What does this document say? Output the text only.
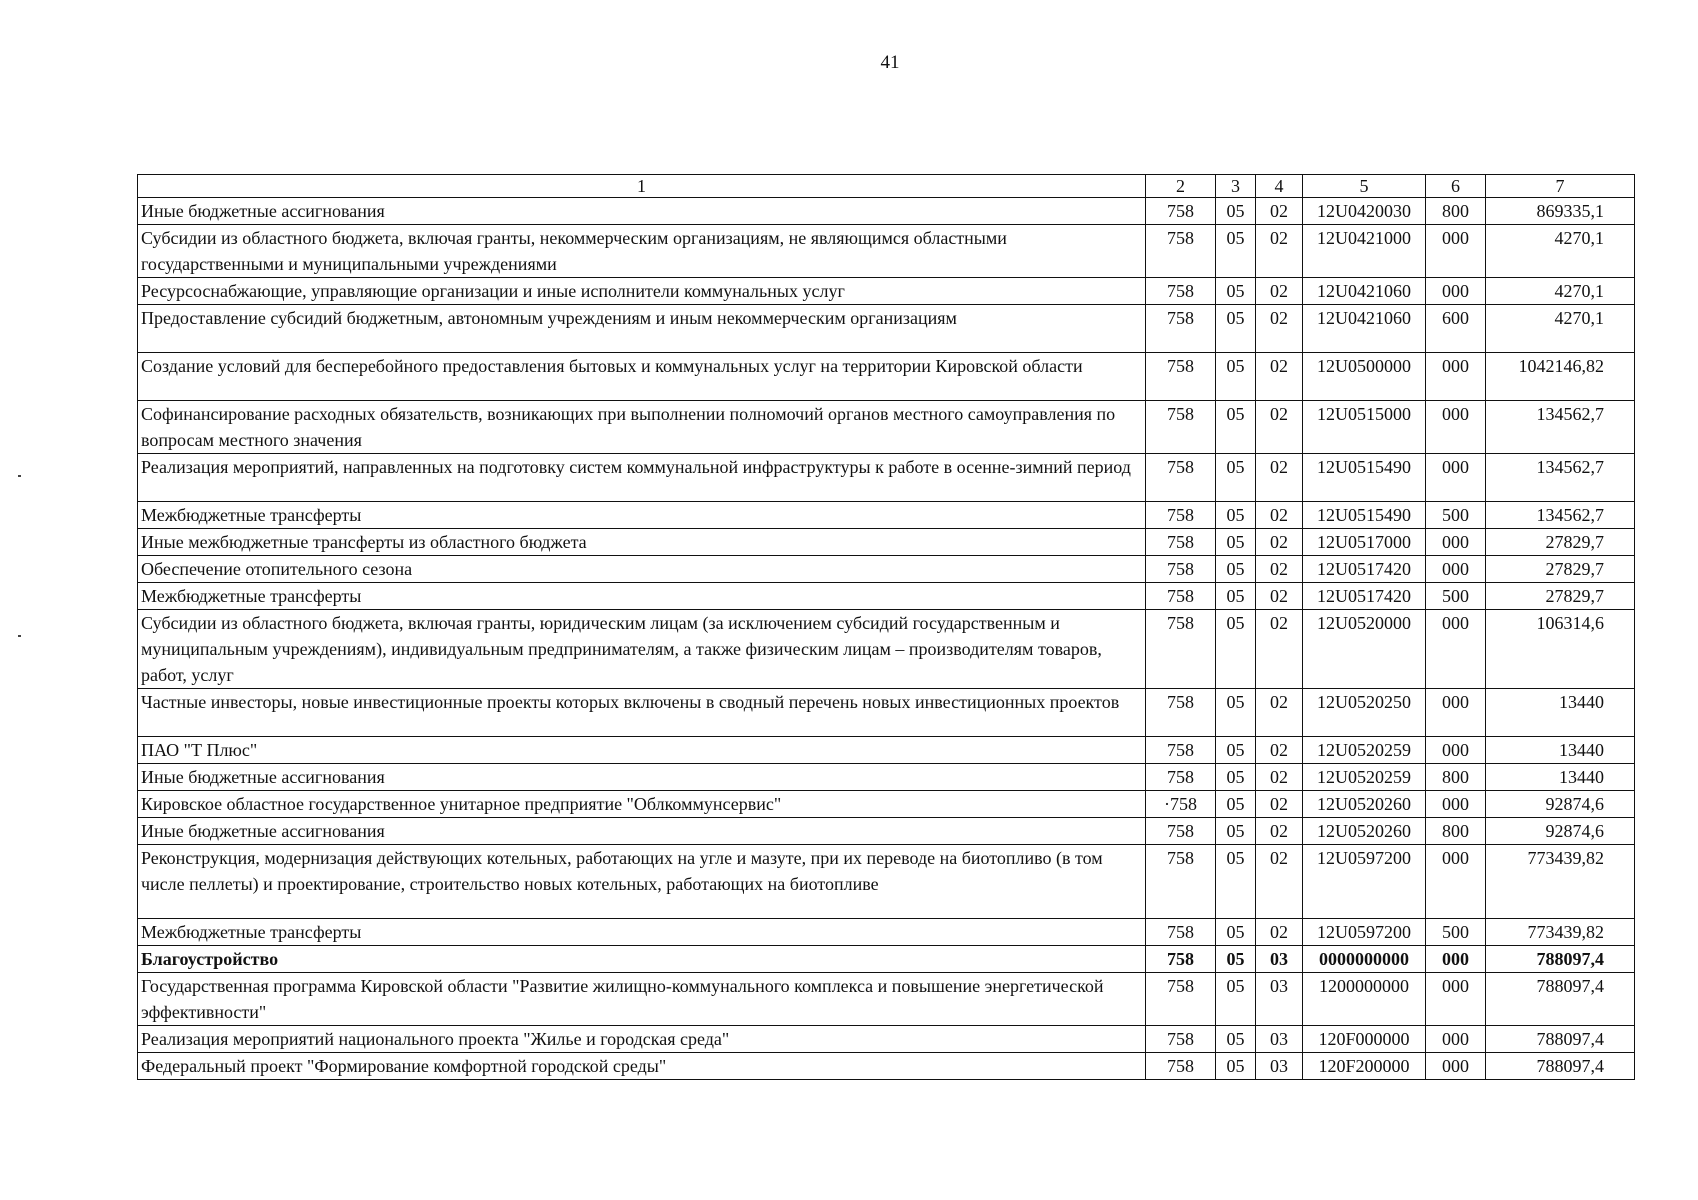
41
1	2	3	4	5	6	7
Иные бюджетные ассигнования	758	05	02	12U0420030	800	869335,1
Субсидии из областного бюджета, включая гранты, некоммерческим организациям, не являющимся областными государственными и муниципальными учреждениями	758	05	02	12U0421000	000	4270,1
Ресурсоснабжающие, управляющие организации и иные исполнители коммунальных услуг	758	05	02	12U0421060	000	4270,1
Предоставление субсидий бюджетным, автономным учреждениям и иным некоммерческим организациям	758	05	02	12U0421060	600	4270,1
Создание условий для бесперебойного предоставления бытовых и коммунальных услуг на территории Кировской области	758	05	02	12U0500000	000	1042146,82
Софинансирование расходных обязательств, возникающих при выполнении полномочий органов местного самоуправления по вопросам местного значения	758	05	02	12U0515000	000	134562,7
Реализация мероприятий, направленных на подготовку систем коммунальной инфраструктуры к работе в осенне-зимний период	758	05	02	12U0515490	000	134562,7
Межбюджетные трансферты	758	05	02	12U0515490	500	134562,7
Иные межбюджетные трансферты из областного бюджета	758	05	02	12U0517000	000	27829,7
Обеспечение отопительного сезона	758	05	02	12U0517420	000	27829,7
Межбюджетные трансферты	758	05	02	12U0517420	500	27829,7
Субсидии из областного бюджета, включая гранты, юридическим лицам (за исключением субсидий государственным и муниципальным учреждениям), индивидуальным предпринимателям, а также физическим лицам – производителям товаров, работ, услуг	758	05	02	12U0520000	000	106314,6
Частные инвесторы, новые инвестиционные проекты которых включены в сводный перечень новых инвестиционных проектов	758	05	02	12U0520250	000	13440
ПАО "Т Плюс"	758	05	02	12U0520259	000	13440
Иные бюджетные ассигнования	758	05	02	12U0520259	800	13440
Кировское областное государственное унитарное предприятие "Облкоммунсервис"	·758	05	02	12U0520260	000	92874,6
Иные бюджетные ассигнования	758	05	02	12U0520260	800	92874,6
Реконструкция, модернизация действующих котельных, работающих на угле и мазуте, при их переводе на биотопливо (в том числе пеллеты) и проектирование, строительство новых котельных, работающих на биотопливе	758	05	02	12U0597200	000	773439,82
Межбюджетные трансферты	758	05	02	12U0597200	500	773439,82
Благоустройство	758	05	03	0000000000	000	788097,4
Государственная программа Кировской области "Развитие жилищно-коммунального комплекса и повышение энергетической эффективности"	758	05	03	1200000000	000	788097,4
Реализация мероприятий национального проекта "Жилье и городская среда"	758	05	03	120F000000	000	788097,4
Федеральный проект "Формирование комфортной городской среды"	758	05	03	120F200000	000	788097,4
